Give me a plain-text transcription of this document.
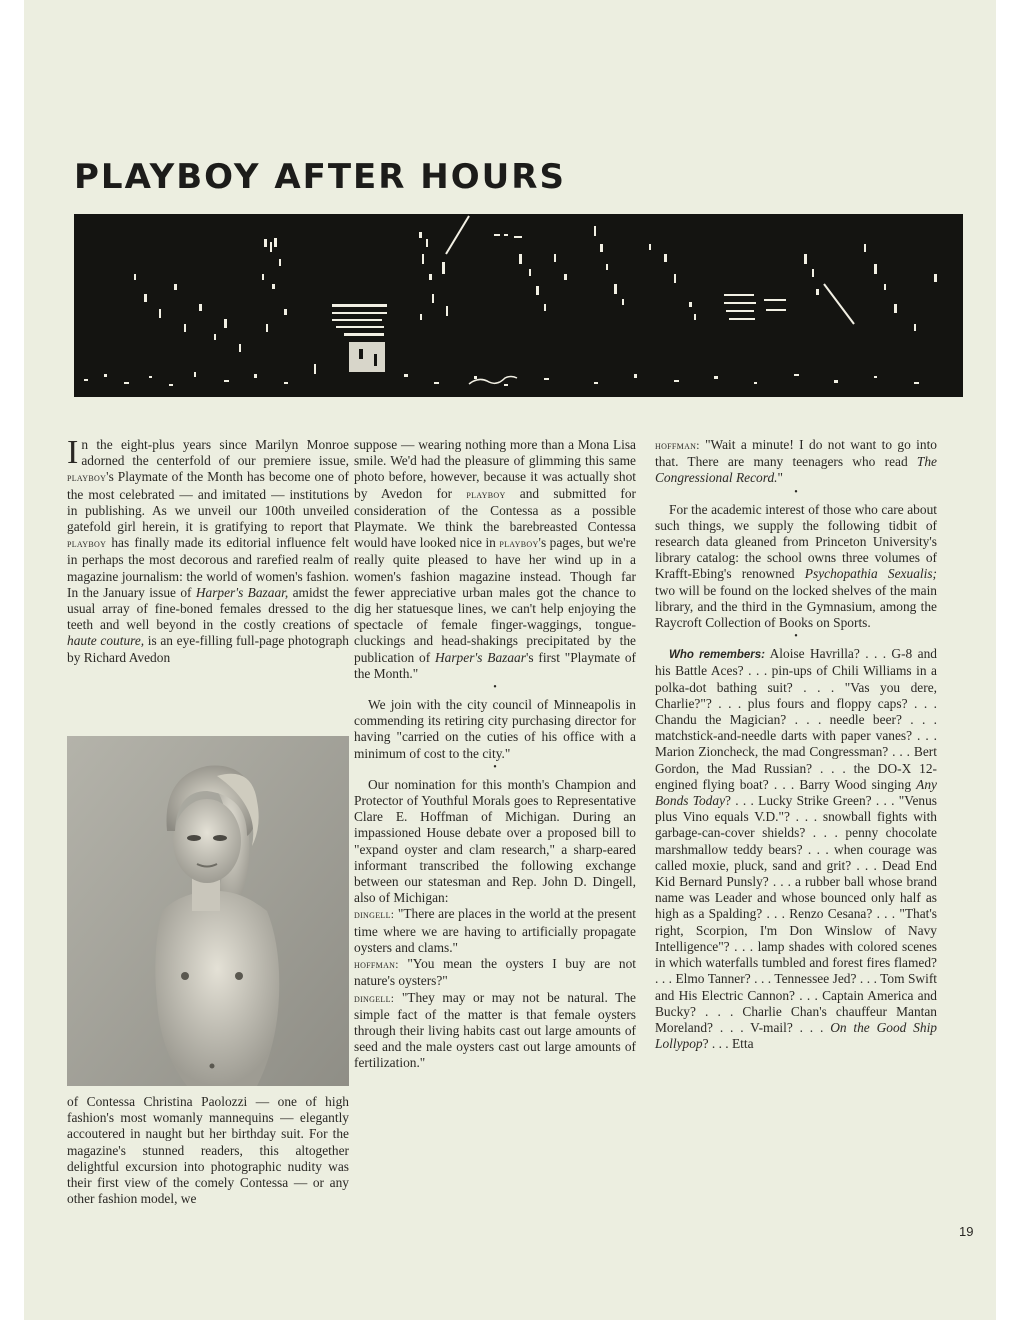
PLAYBOY AFTER HOURS

In the eight-plus years since Marilyn Monroe adorned the centerfold of our premiere issue, playboy's Playmate of the Month has become one of the most celebrated — and imitated — institutions in publishing. As we unveil our 100th unveiled gatefold girl herein, it is gratifying to report that playboy has finally made its editorial influence felt in perhaps the most decorous and rarefied realm of magazine journalism: the world of women's fashion. In the January issue of Harper's Bazaar, amidst the usual array of fine-boned females dressed to the teeth and well beyond in the costly creations of haute couture, is an eye-filling full-page photograph by Richard Avedon

of Contessa Christina Paolozzi — one of high fashion's most womanly mannequins — elegantly accoutered in naught but her birthday suit. For the magazine's stunned readers, this altogether delightful excursion into photographic nudity was their first view of the comely Contessa — or any other fashion model, we

suppose — wearing nothing more than a Mona Lisa smile. We'd had the pleasure of glimming this same photo before, however, because it was actually shot by Avedon for playboy and submitted for consideration of the Contessa as a possible Playmate. We think the barebreasted Contessa would have looked nice in playboy's pages, but we're really quite pleased to have her wind up in a women's fashion magazine instead. Though far fewer appreciative urban males got the chance to dig her statuesque lines, we can't help enjoying the spectacle of female finger-waggings, tongue-cluckings and head-shakings precipitated by the publication of Harper's Bazaar's first "Playmate of the Month."

•

We join with the city council of Minneapolis in commending its retiring city purchasing director for having "carried on the cuties of his office with a minimum of cost to the city."

•

Our nomination for this month's Champion and Protector of Youthful Morals goes to Representative Clare E. Hoffman of Michigan. During an impassioned House debate over a proposed bill to "expand oyster and clam research," a sharp-eared informant transcribed the following exchange between our statesman and Rep. John D. Dingell, also of Michigan:

dingell: "There are places in the world at the present time where we are having to artificially propagate oysters and clams."

hoffman: "You mean the oysters I buy are not nature's oysters?"

dingell: "They may or may not be natural. The simple fact of the matter is that female oysters through their living habits cast out large amounts of seed and the male oysters cast out large amounts of fertilization."

hoffman: "Wait a minute! I do not want to go into that. There are many teenagers who read The Congressional Record."

•

For the academic interest of those who care about such things, we supply the following tidbit of research data gleaned from Princeton University's library catalog: the school owns three volumes of Krafft-Ebing's renowned Psychopathia Sexualis; two will be found on the locked shelves of the main library, and the third in the Gymnasium, among the Raycroft Collection of Books on Sports.

•

Who remembers: Aloise Havrilla? . . . G-8 and his Battle Aces? . . . pin-ups of Chili Williams in a polka-dot bathing suit? . . . "Vas you dere, Charlie?"? . . . plus fours and floppy caps? . . . Chandu the Magician? . . . needle beer? . . . matchstick-and-needle darts with paper vanes? . . . Marion Zioncheck, the mad Congressman? . . . Bert Gordon, the Mad Russian? . . . the DO-X 12-engined flying boat? . . . Barry Wood singing Any Bonds Today? . . . Lucky Strike Green? . . . "Venus plus Vino equals V.D."? . . . snowball fights with garbage-can-cover shields? . . . penny chocolate marshmallow teddy bears? . . . when courage was called moxie, pluck, sand and grit? . . . Dead End Kid Bernard Punsly? . . . a rubber ball whose brand name was Leader and whose bounced only half as high as a Spalding? . . . Renzo Cesana? . . . "That's right, Scorpion, I'm Don Winslow of Navy Intelligence"? . . . lamp shades with colored scenes in which waterfalls tumbled and forest fires flamed? . . . Elmo Tanner? . . . Tennessee Jed? . . . Tom Swift and His Electric Cannon? . . . Captain America and Bucky? . . . Charlie Chan's chauffeur Mantan Moreland? . . . V-mail? . . . On the Good Ship Lollypop? . . . Etta

19
